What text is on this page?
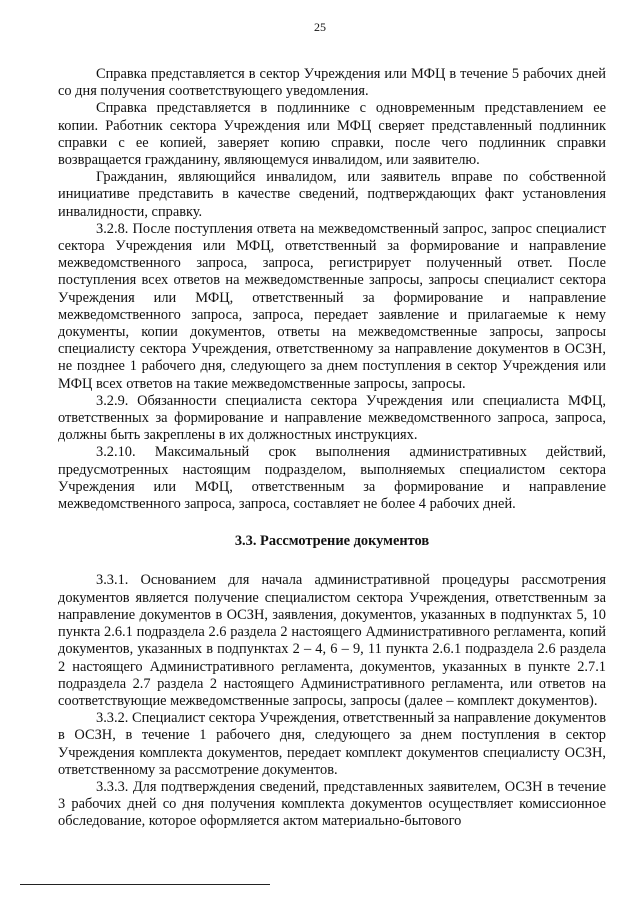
25

Справка представляется в сектор Учреждения или МФЦ в течение 5 рабочих дней со дня получения соответствующего уведомления.

Справка представляется в подлиннике с одновременным представлением ее копии. Работник сектора Учреждения или МФЦ сверяет представленный подлинник справки с ее копией, заверяет копию справки, после чего подлинник справки возвращается гражданину, являющемуся инвалидом, или заявителю.

Гражданин, являющийся инвалидом, или заявитель вправе по собственной инициативе представить в качестве сведений, подтверждающих факт установления инвалидности, справку.

3.2.8. После поступления ответа на межведомственный запрос, запрос специалист сектора Учреждения или МФЦ, ответственный за формирование и направление межведомственного запроса, запроса, регистрирует полученный ответ. После поступления всех ответов на межведомственные запросы, запросы специалист сектора Учреждения или МФЦ, ответственный за формирование и направление межведомственного запроса, запроса, передает заявление и прилагаемые к нему документы, копии документов, ответы на межведомственные запросы, запросы специалисту сектора Учреждения, ответственному за направление документов в ОСЗН, не позднее 1 рабочего дня, следующего за днем поступления в сектор Учреждения или МФЦ всех ответов на такие межведомственные запросы, запросы.

3.2.9. Обязанности специалиста сектора Учреждения или специалиста МФЦ, ответственных за формирование и направление межведомственного запроса, запроса, должны быть закреплены в их должностных инструкциях.

3.2.10. Максимальный срок выполнения административных действий, предусмотренных настоящим подразделом, выполняемых специалистом сектора Учреждения или МФЦ, ответственным за формирование и направление межведомственного запроса, запроса, составляет не более 4 рабочих дней.

3.3. Рассмотрение документов

3.3.1. Основанием для начала административной процедуры рассмотрения документов является получение специалистом сектора Учреждения, ответственным за направление документов в ОСЗН, заявления, документов, указанных в подпунктах 5, 10 пункта 2.6.1 подраздела 2.6 раздела 2 настоящего Административного регламента, копий документов, указанных в подпунктах 2 – 4, 6 – 9, 11 пункта 2.6.1 подраздела 2.6 раздела 2 настоящего Административного регламента, документов, указанных в пункте 2.7.1 подраздела 2.7 раздела 2 настоящего Административного регламента, или ответов на соответствующие межведомственные запросы, запросы (далее – комплект документов).

3.3.2. Специалист сектора Учреждения, ответственный за направление документов в ОСЗН, в течение 1 рабочего дня, следующего за днем поступления в сектор Учреждения комплекта документов, передает комплект документов специалисту ОСЗН, ответственному за рассмотрение документов.

3.3.3. Для подтверждения сведений, представленных заявителем, ОСЗН в течение 3 рабочих дней со дня получения комплекта документов осуществляет комиссионное обследование, которое оформляется актом материально-бытового
